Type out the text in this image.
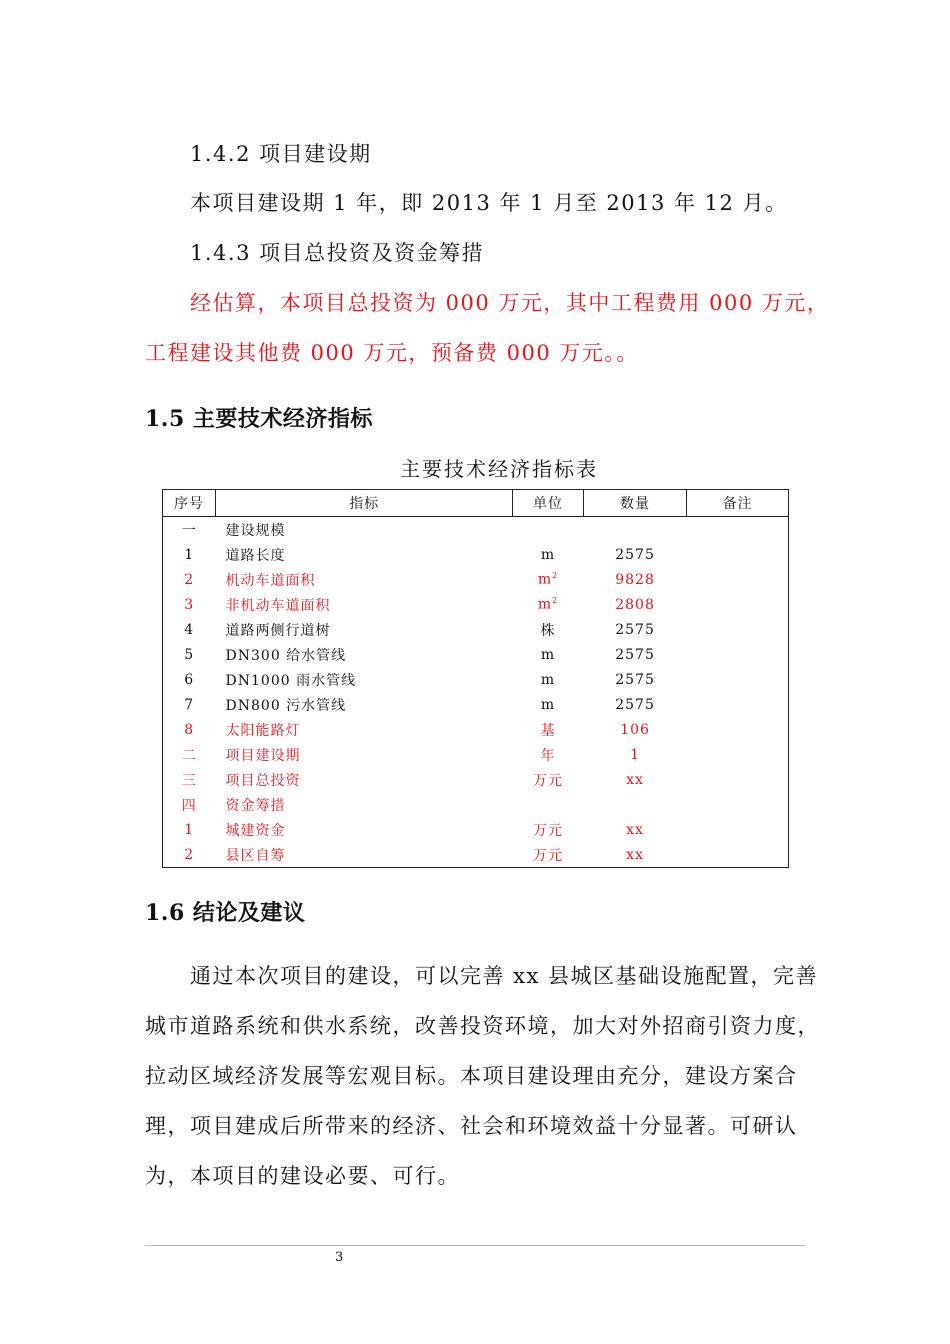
1.4.2 项目建设期
本项目建设期 1 年，即 2013 年 1 月至 2013 年 12 月。
1.4.3 项目总投资及资金筹措
经估算，本项目总投资为 000 万元，其中工程费用 000 万元，
工程建设其他费 000 万元，预备费 000 万元。。
1.5 主要技术经济指标
主要技术经济指标表
序号	指标	单位	数量	备注
一	建设规模			
1	道路长度	m	2575	
2	机动车道面积	$m^2$	9828	
3	非机动车道面积	$m^2$	2808	
4	道路两侧行道树	株	2575	
5	DN300 给水管线	m	2575	
6	DN1000 雨水管线	m	2575	
7	DN800 污水管线	m	2575	
8	太阳能路灯	基	106	
二	项目建设期	年	1	
三	项目总投资	万元	xx	
四	资金筹措			
1	城建资金	万元	xx	
2	县区自筹	万元	xx	
1.6 结论及建议
通过本次项目的建设，可以完善 xx 县城区基础设施配置，完善
城市道路系统和供水系统，改善投资环境，加大对外招商引资力度，
拉动区域经济发展等宏观目标。本项目建设理由充分，建设方案合
理，项目建成后所带来的经济、社会和环境效益十分显著。可研认
为，本项目的建设必要、可行。
3
